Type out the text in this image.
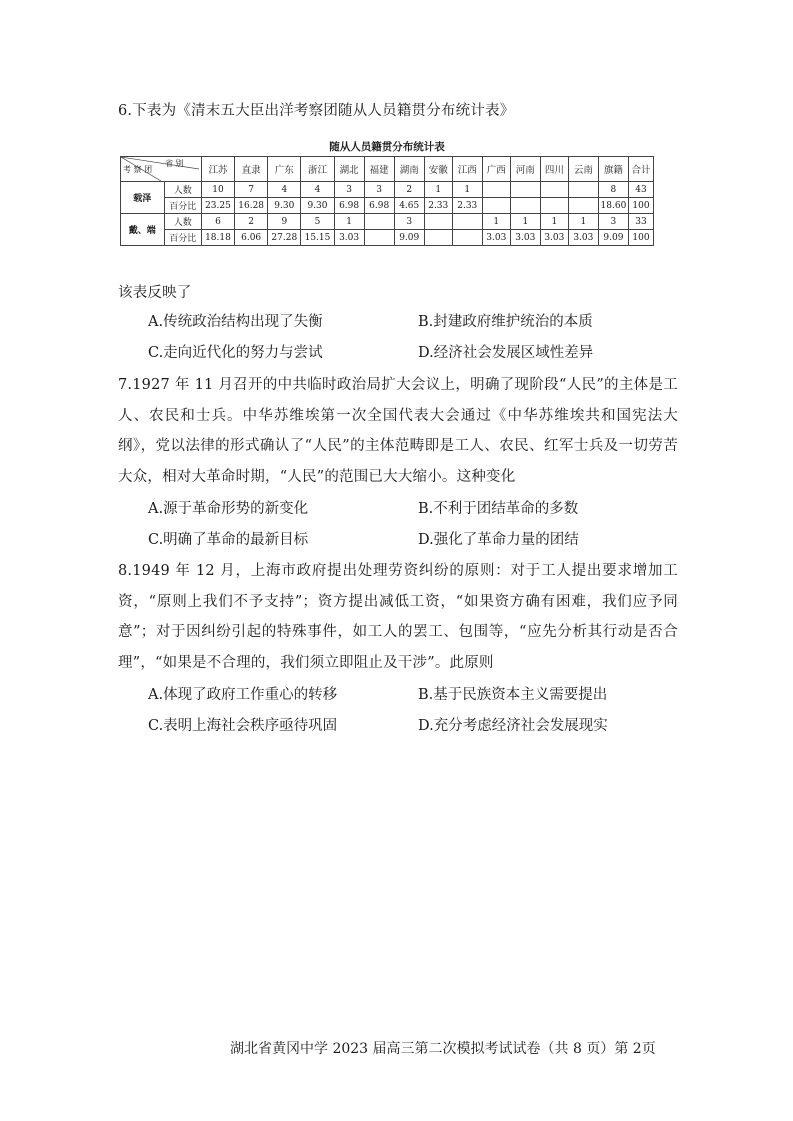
6.下表为《清末五大臣出洋考察团随从人员籍贯分布统计表》
随从人员籍贯分布统计表
省 别
考 察 团		江苏	直隶	广东	浙江	湖北	福建	湖南	安徽	江西	广西	河南	四川	云南	旗籍	合计
载泽	人数	10	7	4	4	3	3	2	1	1					8	43
	百分比	23.25	16.28	9.30	9.30	6.98	6.98	4.65	2.33	2.33					18.60	100
戴、端	人数	6	2	9	5	1		3			1	1	1	1	3	33
	百分比	18.18	6.06	27.28	15.15	3.03		9.09			3.03	3.03	3.03	3.03	9.09	100
该表反映了
A.传统政治结构出现了失衡	B.封建政府维护统治的本质
C.走向近代化的努力与尝试	D.经济社会发展区域性差异
7.1927 年 11 月召开的中共临时政治局扩大会议上，明确了现阶段“人民”的主体是工人、农民和士兵。中华苏维埃第一次全国代表大会通过《中华苏维埃共和国宪法大纲》，党以法律的形式确认了“人民”的主体范畴即是工人、农民、红军士兵及一切劳苦大众，相对大革命时期，“人民”的范围已大大缩小。这种变化
A.源于革命形势的新变化	B.不利于团结革命的多数
C.明确了革命的最新目标	D.强化了革命力量的团结
8.1949 年 12 月，上海市政府提出处理劳资纠纷的原则：对于工人提出要求增加工资，“原则上我们不予支持”；资方提出减低工资，“如果资方确有困难，我们应予同意”；对于因纠纷引起的特殊事件，如工人的罢工、包围等，“应先分析其行动是否合理”，“如果是不合理的，我们须立即阻止及干涉”。此原则
A.体现了政府工作重心的转移	B.基于民族资本主义需要提出
C.表明上海社会秩序亟待巩固	D.充分考虑经济社会发展现实
湖北省黄冈中学 2023 届高三第二次模拟考试试卷（共 8 页）第 2页
